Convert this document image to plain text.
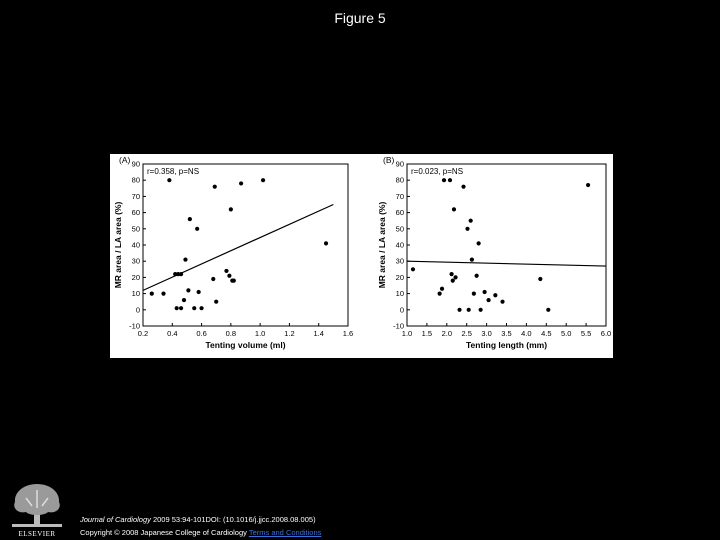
Figure 5
-10
0
10
20
30
40
50
60
70
80
90
0.2	0.4	0.6	0.8	1.0	1.2	1.4	1.6
(A)
r=0.358, p=NS
Tenting volume (ml)
MR area / LA area (%)
-10
0
10
20
30
40
50
60
70
80
90
1.0 1.5 2.0 2.5 3.0 3.5 4.0 4.5 5.0 5.5 6.0
(B)
r=0.023, p=NS
Tenting length (mm)
MR area / LA area (%)
ELSEVIER
Journal of Cardiology 2009 53:94-101DOI: (10.1016/j.jjcc.2008.08.005)
Copyright © 2008 Japanese College of Cardiology Terms and Conditions
